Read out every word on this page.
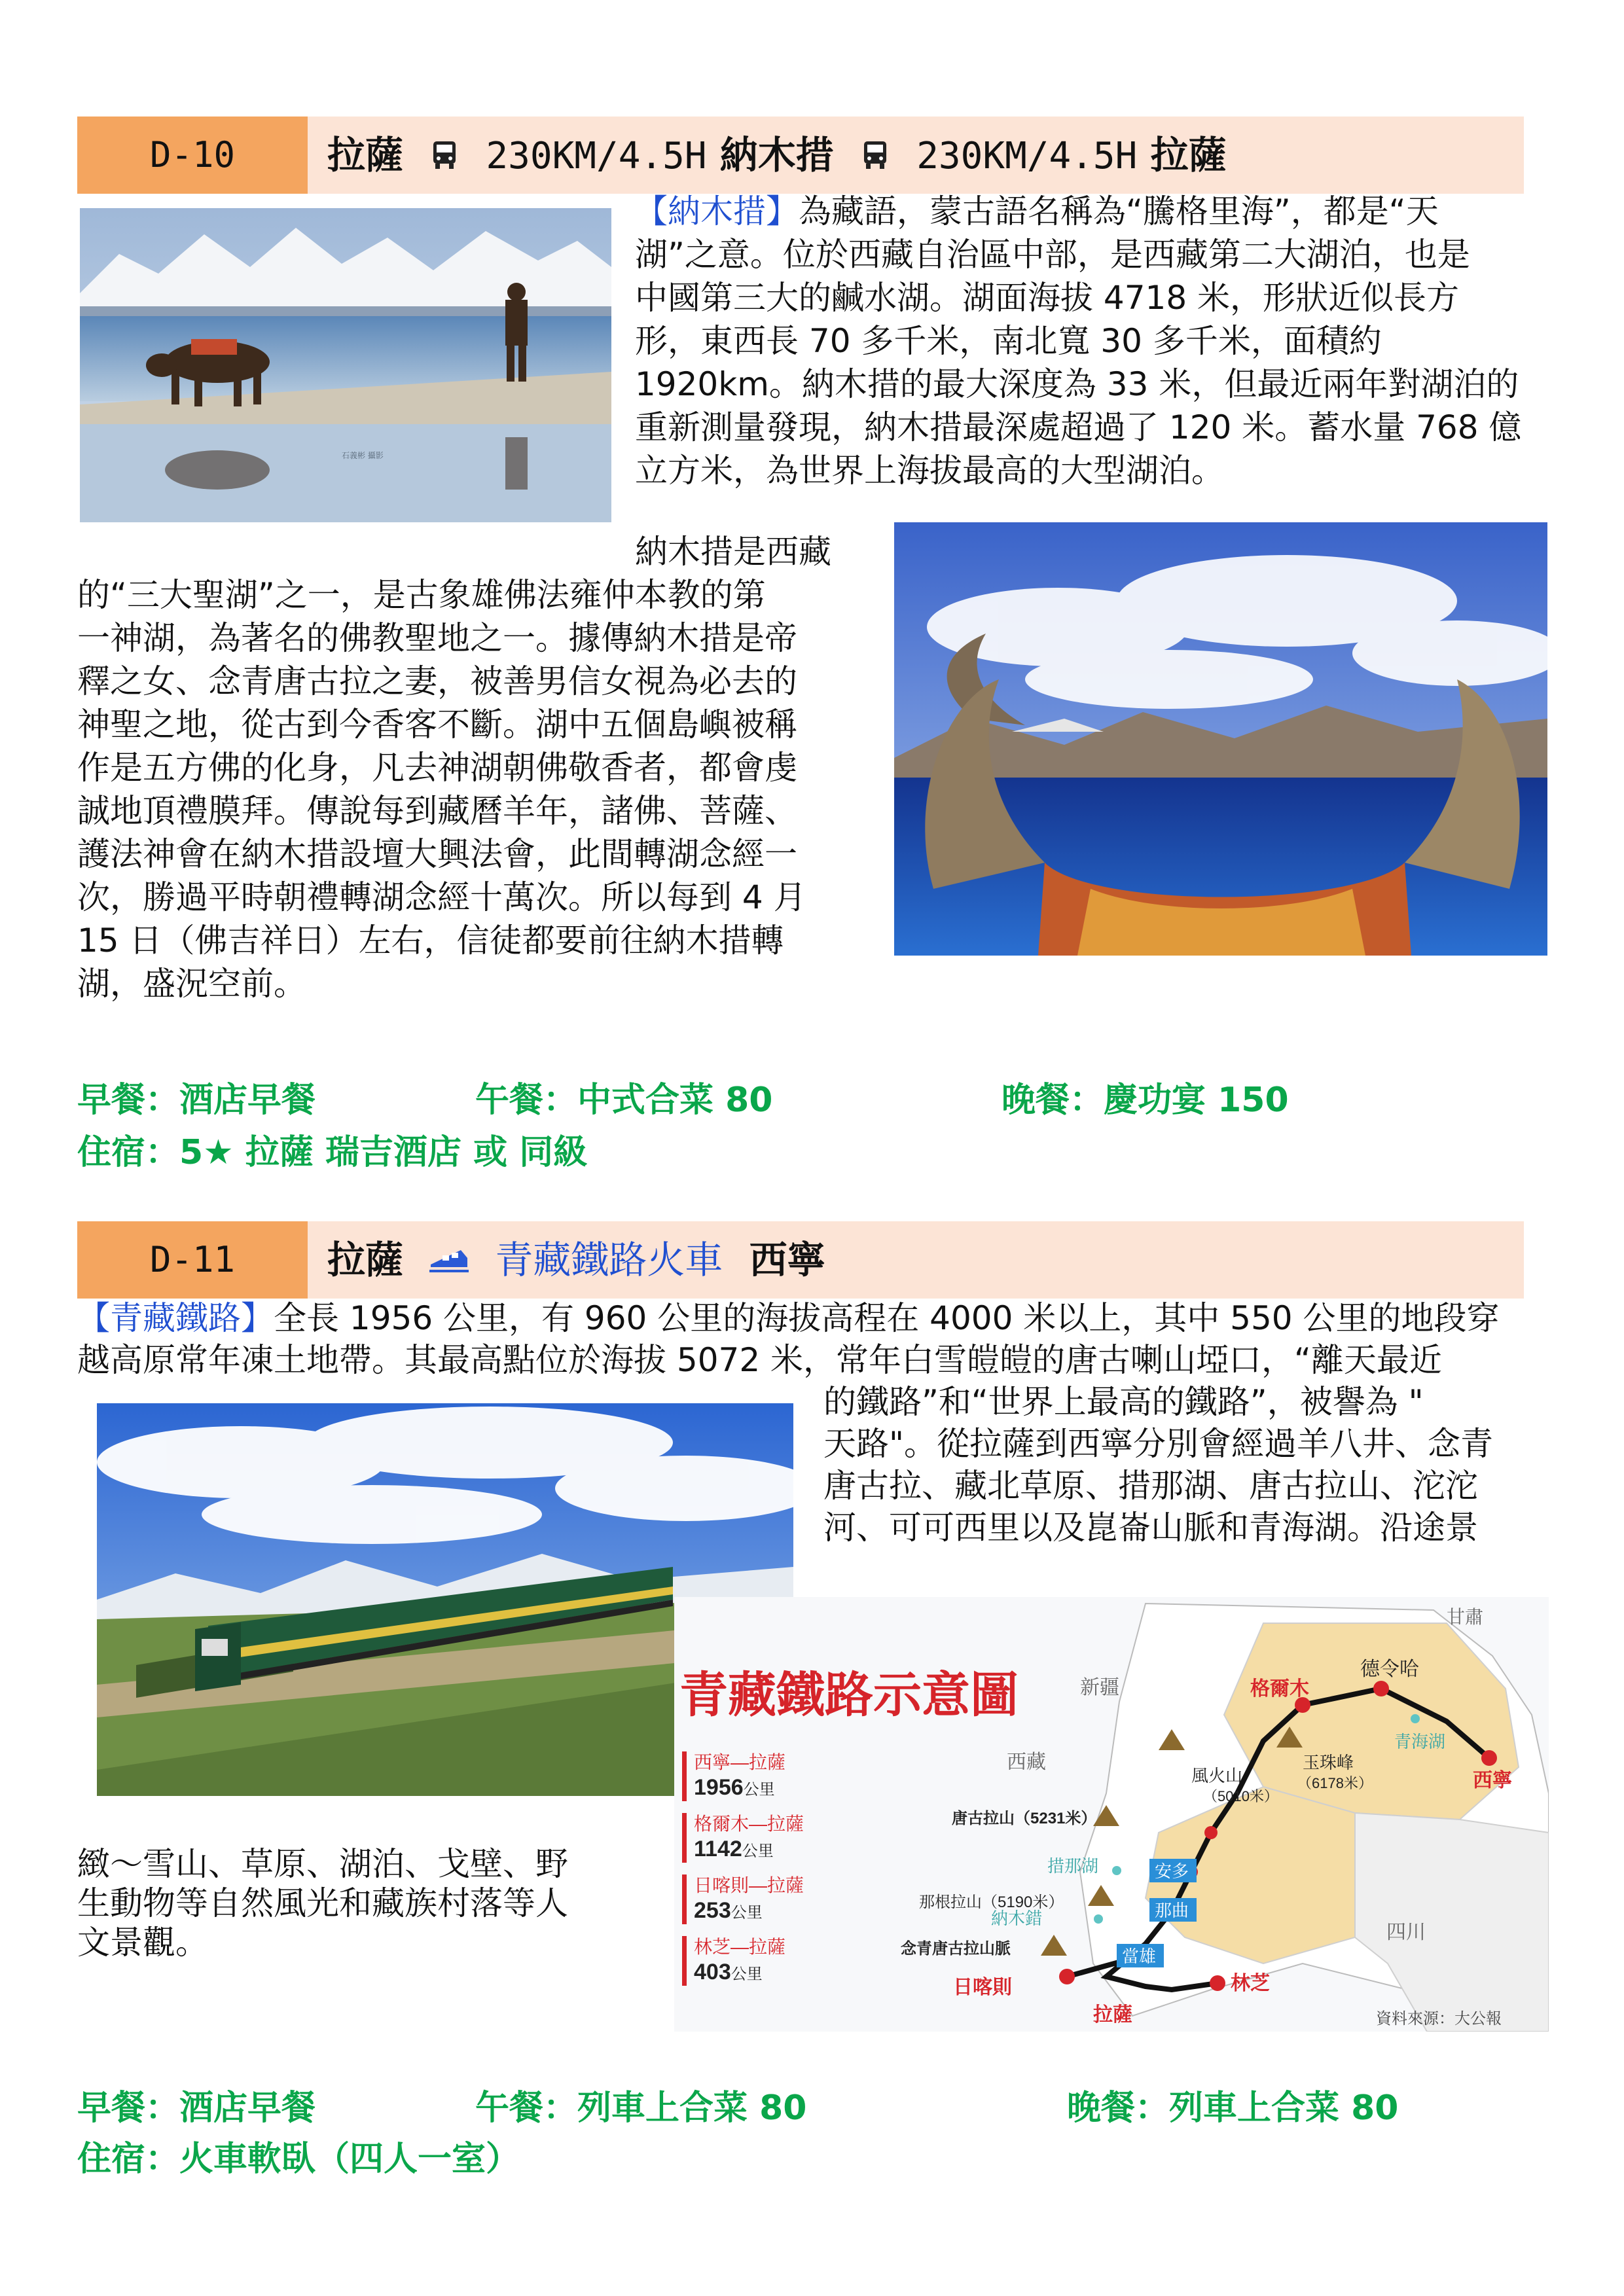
D-10	拉薩 230KM/4.5H 納木措 230KM/4.5H 拉薩
石義彬 攝影
【納木措】為藏語，蒙古語名稱為“騰格里海”，都是“天
湖”之意。位於西藏自治區中部，是西藏第二大湖泊，也是
中國第三大的鹹水湖。湖面海拔 4718 米，形狀近似長方
形，東西長 70 多千米，南北寬 30 多千米，面積約
1920km。納木措的最大深度為 33 米，但最近兩年對湖泊的
重新測量發現，納木措最深處超過了 120 米。蓄水量 768 億
立方米，為世界上海拔最高的大型湖泊。
納木措是西藏
的“三大聖湖”之一，是古象雄佛法雍仲本教的第
一神湖，為著名的佛教聖地之一。據傳納木措是帝
釋之女、念青唐古拉之妻，被善男信女視為必去的
神聖之地，從古到今香客不斷。湖中五個島嶼被稱
作是五方佛的化身，凡去神湖朝佛敬香者，都會虔
誠地頂禮膜拜。傳說每到藏曆羊年，諸佛、菩薩、
護法神會在納木措設壇大興法會，此間轉湖念經一
次，勝過平時朝禮轉湖念經十萬次。所以每到 4 月
15 日（佛吉祥日）左右，信徒都要前往納木措轉
湖，盛況空前。
早餐：酒店早餐	午餐：中式合菜 80	晚餐：慶功宴 150
住宿：5★ 拉薩 瑞吉酒店 或 同級
D-11	拉薩 青藏鐵路火車 西寧
【青藏鐵路】全長 1956 公里，有 960 公里的海拔高程在 4000 米以上，其中 550 公里的地段穿
越高原常年凍土地帶。其最高點位於海拔 5072 米，常年白雪皚皚的唐古喇山埡口，“離天最近
的鐵路”和“世界上最高的鐵路”，被譽為 "
天路"。從拉薩到西寧分別會經過羊八井、念青
唐古拉、藏北草原、措那湖、唐古拉山、沱沱
河、可可西里以及崑崙山脈和青海湖。沿途景
緻～雪山、草原、湖泊、戈壁、野
生動物等自然風光和藏族村落等人
文景觀。
青藏鐵路示意圖
西寧—拉薩
1956公里
格爾木—拉薩
1142公里
日喀則—拉薩
253公里
林芝—拉薩
403公里
甘肅
新疆
西藏
四川
德令哈
格爾木
青海湖
西寧
玉珠峰
（6178米）
風火山
（5010米）
唐古拉山（5231米）
措那湖	安多
那根拉山（5190米）	那曲
納木錯
念青唐古拉山脈	當雄
林芝
日喀則
拉薩	資料來源：大公報
早餐：酒店早餐	午餐：列車上合菜 80	晚餐：列車上合菜 80
住宿：火車軟臥（四人一室）
